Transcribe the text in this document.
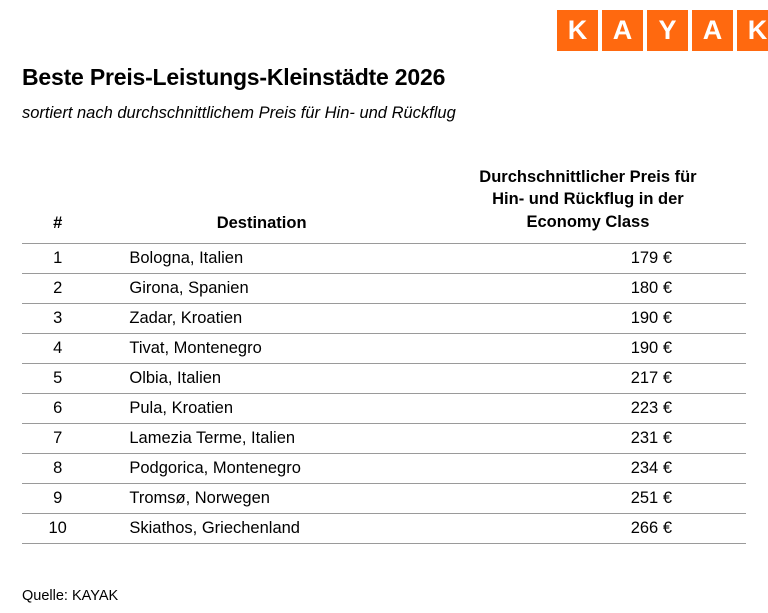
K A Y A K
Beste Preis-Leistungs-Kleinstädte 2026
sortiert nach durchschnittlichem Preis für Hin- und Rückflug
#	Destination	Durchschnittlicher Preis für
Hin- und Rückflug in der
Economy Class

1	Bologna, Italien	179 €
2	Girona, Spanien	180 €
3	Zadar, Kroatien	190 €
4	Tivat, Montenegro	190 €
5	Olbia, Italien	217 €
6	Pula, Kroatien	223 €
7	Lamezia Terme, Italien	231 €
8	Podgorica, Montenegro	234 €
9	Tromsø, Norwegen	251 €
10	Skiathos, Griechenland	266 €
Quelle: KAYAK
